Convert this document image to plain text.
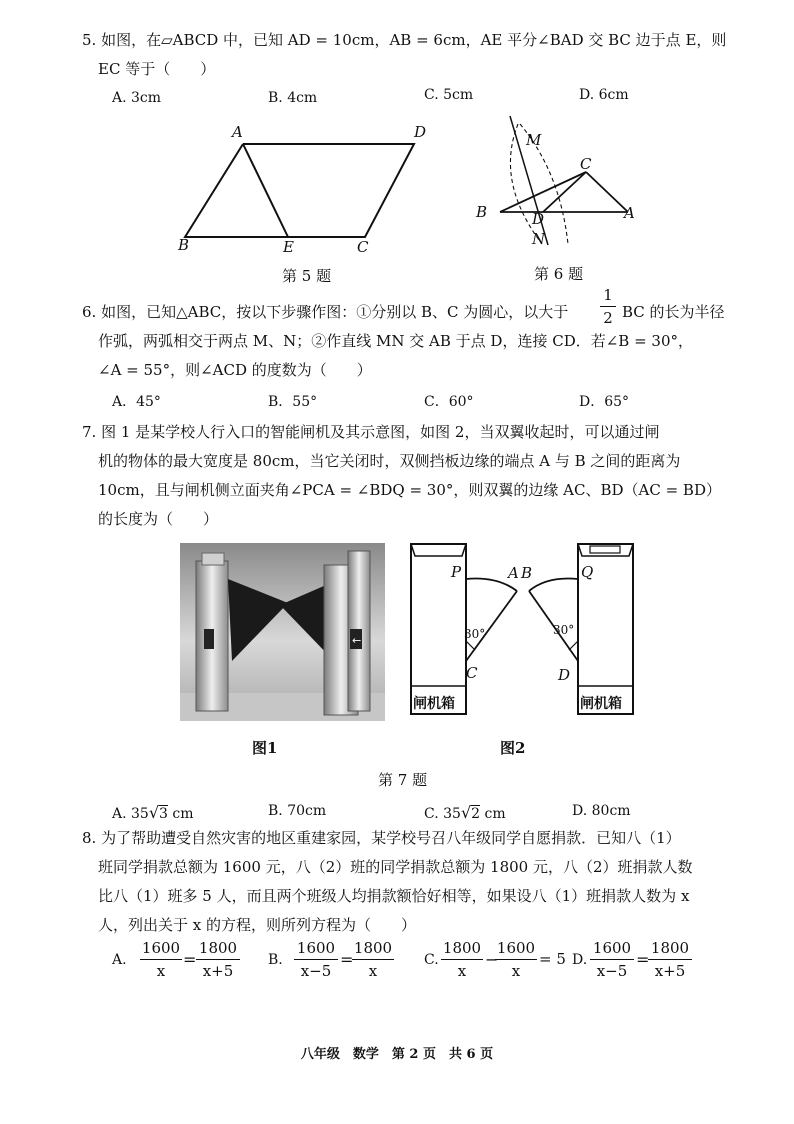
5. 如图，在▱ABCD 中，已知 AD = 10cm，AB = 6cm，AE 平分∠BAD 交 BC 边于点 E，则
EC 等于（　　）
A. 3cm	B. 4cm	C. 5cm	D. 6cm
A	D
B	E	C
第 5 题
M
C
B	D	A
N
第 6 题
6. 如图，已知△ABC，按以下步骤作图：①分别以 B、C 为圆心，以大于
1
2 BC 的长为半径
作弧，两弧相交于两点 M、N；②作直线 MN 交 AB 于点 D，连接 CD．若∠B = 30°，
∠A = 55°，则∠ACD 的度数为（　　）
A．45°	B．55°	C．60°	D．65°
7. 图 1 是某学校人行入口的智能闸机及其示意图，如图 2，当双翼收起时，可以通过闸
机的物体的最大宽度是 80cm，当它关闭时，双侧挡板边缘的端点 A 与 B 之间的距离为
10cm，且与闸机侧立面夹角∠PCA = ∠BDQ = 30°，则双翼的边缘 AC、BD（AC = BD）
的长度为（　　）
←
P	A B	Q
30°	30°
C	D
闸机箱	闸机箱
图1	图2
第 7 题
A. 35√3 cm	B. 70cm	C. 35√2 cm	D. 80cm
8. 为了帮助遭受自然灾害的地区重建家园，某学校号召八年级同学自愿捐款．已知八（1）
班同学捐款总额为 1600 元，八（2）班的同学捐款总额为 1800 元，八（2）班捐款人数
比八（1）班多 5 人，而且两个班级人均捐款额恰好相等，如果设八（1）班捐款人数为 x
人，列出关于 x 的方程，则所列方程为（　　）
A.
1600
x
=
1800
x+5
B.
1600
x−5
=
1800
x
C.
1800
x
−
1600
x
= 5 D.
1600
x−5
=
1800
x+5
八年级　数学　第 2 页　共 6 页
